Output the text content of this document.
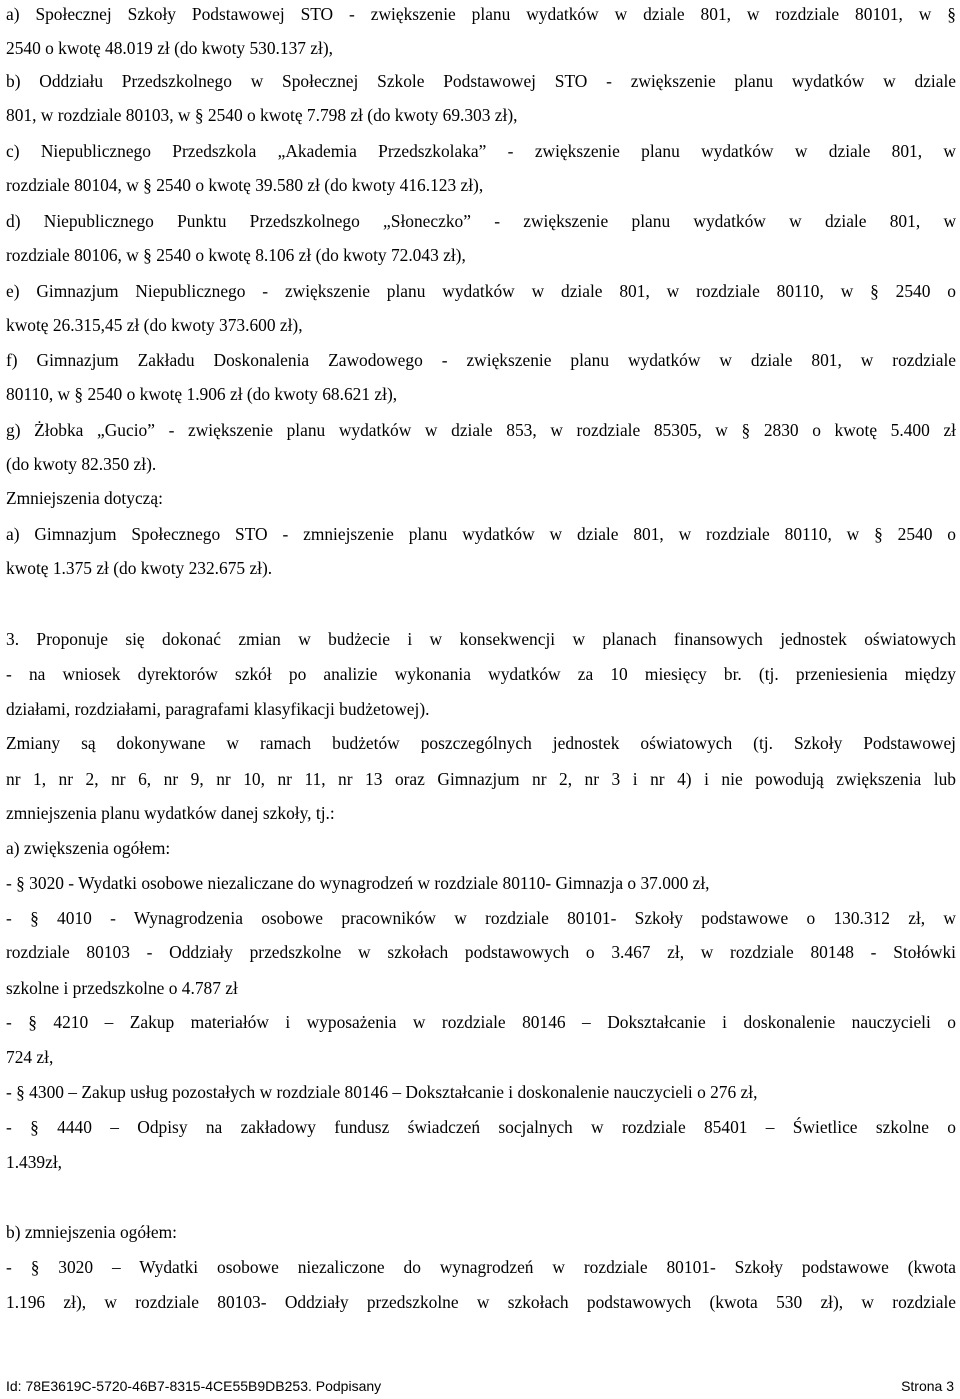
a) Społecznej Szkoły Podstawowej STO - zwiększenie planu wydatków w dziale 801, w rozdziale 80101, w §
2540 o kwotę 48.019 zł (do kwoty 530.137 zł),
b) Oddziału Przedszkolnego w Społecznej Szkole Podstawowej STO - zwiększenie planu wydatków w dziale
801, w rozdziale 80103, w § 2540 o kwotę 7.798 zł (do kwoty 69.303 zł),
c) Niepublicznego Przedszkola „Akademia Przedszkolaka” - zwiększenie planu wydatków w dziale 801, w
rozdziale 80104, w § 2540 o kwotę 39.580 zł (do kwoty 416.123 zł),
d) Niepublicznego Punktu Przedszkolnego „Słoneczko” - zwiększenie planu wydatków w dziale 801, w
rozdziale 80106, w § 2540 o kwotę 8.106 zł (do kwoty 72.043 zł),
e) Gimnazjum Niepublicznego - zwiększenie planu wydatków w dziale 801, w rozdziale 80110, w § 2540 o
kwotę 26.315,45 zł (do kwoty 373.600 zł),
f) Gimnazjum Zakładu Doskonalenia Zawodowego - zwiększenie planu wydatków w dziale 801, w rozdziale
80110, w § 2540 o kwotę 1.906 zł (do kwoty 68.621 zł),
g) Żłobka „Gucio” - zwiększenie planu wydatków w dziale 853, w rozdziale 85305, w § 2830 o kwotę 5.400 zł
(do kwoty 82.350 zł).
Zmniejszenia dotyczą:
a) Gimnazjum Społecznego STO - zmniejszenie planu wydatków w dziale 801, w rozdziale 80110, w § 2540 o
kwotę 1.375 zł (do kwoty 232.675 zł).
3. Proponuje się dokonać zmian w budżecie i w konsekwencji w planach finansowych jednostek oświatowych
- na wniosek dyrektorów szkół po analizie wykonania wydatków za 10 miesięcy br. (tj. przeniesienia między
działami, rozdziałami, paragrafami klasyfikacji budżetowej).
Zmiany są dokonywane w ramach budżetów poszczególnych jednostek oświatowych (tj. Szkoły Podstawowej
nr 1, nr 2, nr 6, nr 9, nr 10, nr 11, nr 13 oraz Gimnazjum nr 2, nr 3 i nr 4) i nie powodują zwiększenia lub
zmniejszenia planu wydatków danej szkoły, tj.:
a) zwiększenia ogółem:
- § 3020 - Wydatki osobowe niezaliczane do wynagrodzeń w rozdziale 80110- Gimnazja o 37.000 zł,
- § 4010 - Wynagrodzenia osobowe pracowników w rozdziale 80101- Szkoły podstawowe o 130.312 zł, w
rozdziale 80103 - Oddziały przedszkolne w szkołach podstawowych o 3.467 zł, w rozdziale 80148 - Stołówki
szkolne i przedszkolne o 4.787 zł
- § 4210 – Zakup materiałów i wyposażenia w rozdziale 80146 – Dokształcanie i doskonalenie nauczycieli o
724 zł,
- § 4300 – Zakup usług pozostałych w rozdziale 80146 – Dokształcanie i doskonalenie nauczycieli o 276 zł,
- § 4440 – Odpisy na zakładowy fundusz świadczeń socjalnych w rozdziale 85401 – Świetlice szkolne o
1.439zł,
b) zmniejszenia ogółem:
- § 3020 – Wydatki osobowe niezaliczone do wynagrodzeń w rozdziale 80101- Szkoły podstawowe (kwota
1.196 zł), w rozdziale 80103- Oddziały przedszkolne w szkołach podstawowych (kwota 530 zł), w rozdziale
Id: 78E3619C-5720-46B7-8315-4CE55B9DB253. Podpisany	Strona 3
